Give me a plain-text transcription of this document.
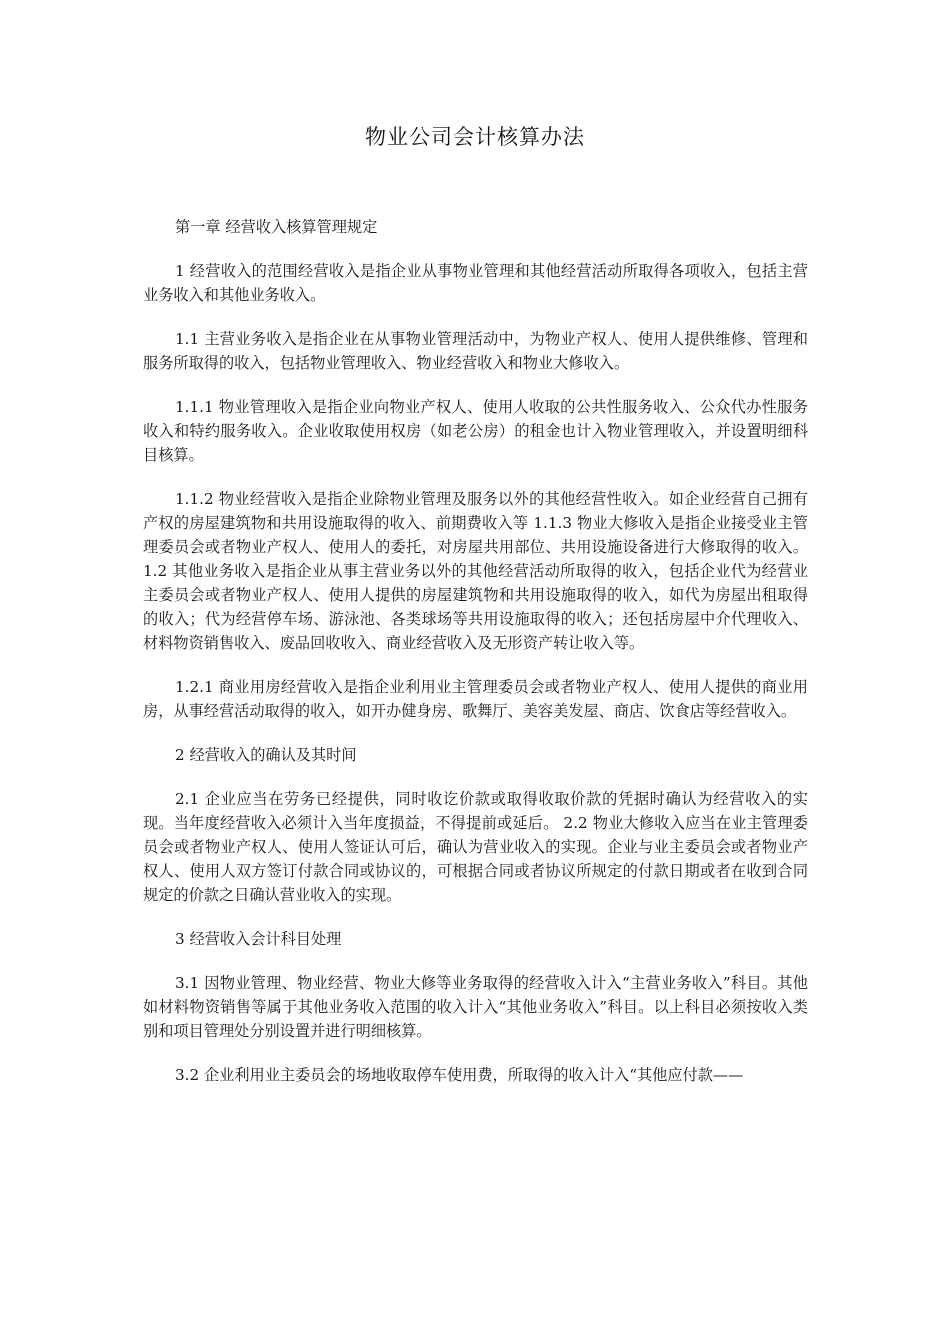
物业公司会计核算办法

第一章 经营收入核算管理规定

1 经营收入的范围经营收入是指企业从事物业管理和其他经营活动所取得各项收入，包括主营业务收入和其他业务收入。

1.1 主营业务收入是指企业在从事物业管理活动中，为物业产权人、使用人提供维修、管理和服务所取得的收入，包括物业管理收入、物业经营收入和物业大修收入。

1.1.1 物业管理收入是指企业向物业产权人、使用人收取的公共性服务收入、公众代办性服务收入和特约服务收入。企业收取使用权房（如老公房）的租金也计入物业管理收入，并设置明细科目核算。

1.1.2 物业经营收入是指企业除物业管理及服务以外的其他经营性收入。如企业经营自己拥有产权的房屋建筑物和共用设施取得的收入、前期费收入等 1.1.3 物业大修收入是指企业接受业主管理委员会或者物业产权人、使用人的委托，对房屋共用部位、共用设施设备进行大修取得的收入。1.2 其他业务收入是指企业从事主营业务以外的其他经营活动所取得的收入，包括企业代为经营业主委员会或者物业产权人、使用人提供的房屋建筑物和共用设施取得的收入，如代为房屋出租取得的收入；代为经营停车场、游泳池、各类球场等共用设施取得的收入；还包括房屋中介代理收入、材料物资销售收入、废品回收收入、商业经营收入及无形资产转让收入等。

1.2.1 商业用房经营收入是指企业利用业主管理委员会或者物业产权人、使用人提供的商业用房，从事经营活动取得的收入，如开办健身房、歌舞厅、美容美发屋、商店、饮食店等经营收入。

2 经营收入的确认及其时间

2.1 企业应当在劳务已经提供，同时收讫价款或取得收取价款的凭据时确认为经营收入的实现。当年度经营收入必须计入当年度损益，不得提前或延后。 2.2 物业大修收入应当在业主管理委员会或者物业产权人、使用人签证认可后，确认为营业收入的实现。企业与业主委员会或者物业产权人、使用人双方签订付款合同或协议的，可根据合同或者协议所规定的付款日期或者在收到合同规定的价款之日确认营业收入的实现。

3 经营收入会计科目处理

3.1 因物业管理、物业经营、物业大修等业务取得的经营收入计入“主营业务收入”科目。其他如材料物资销售等属于其他业务收入范围的收入计入“其他业务收入”科目。以上科目必须按收入类别和项目管理处分别设置并进行明细核算。

3.2 企业利用业主委员会的场地收取停车使用费，所取得的收入计入“其他应付款——
